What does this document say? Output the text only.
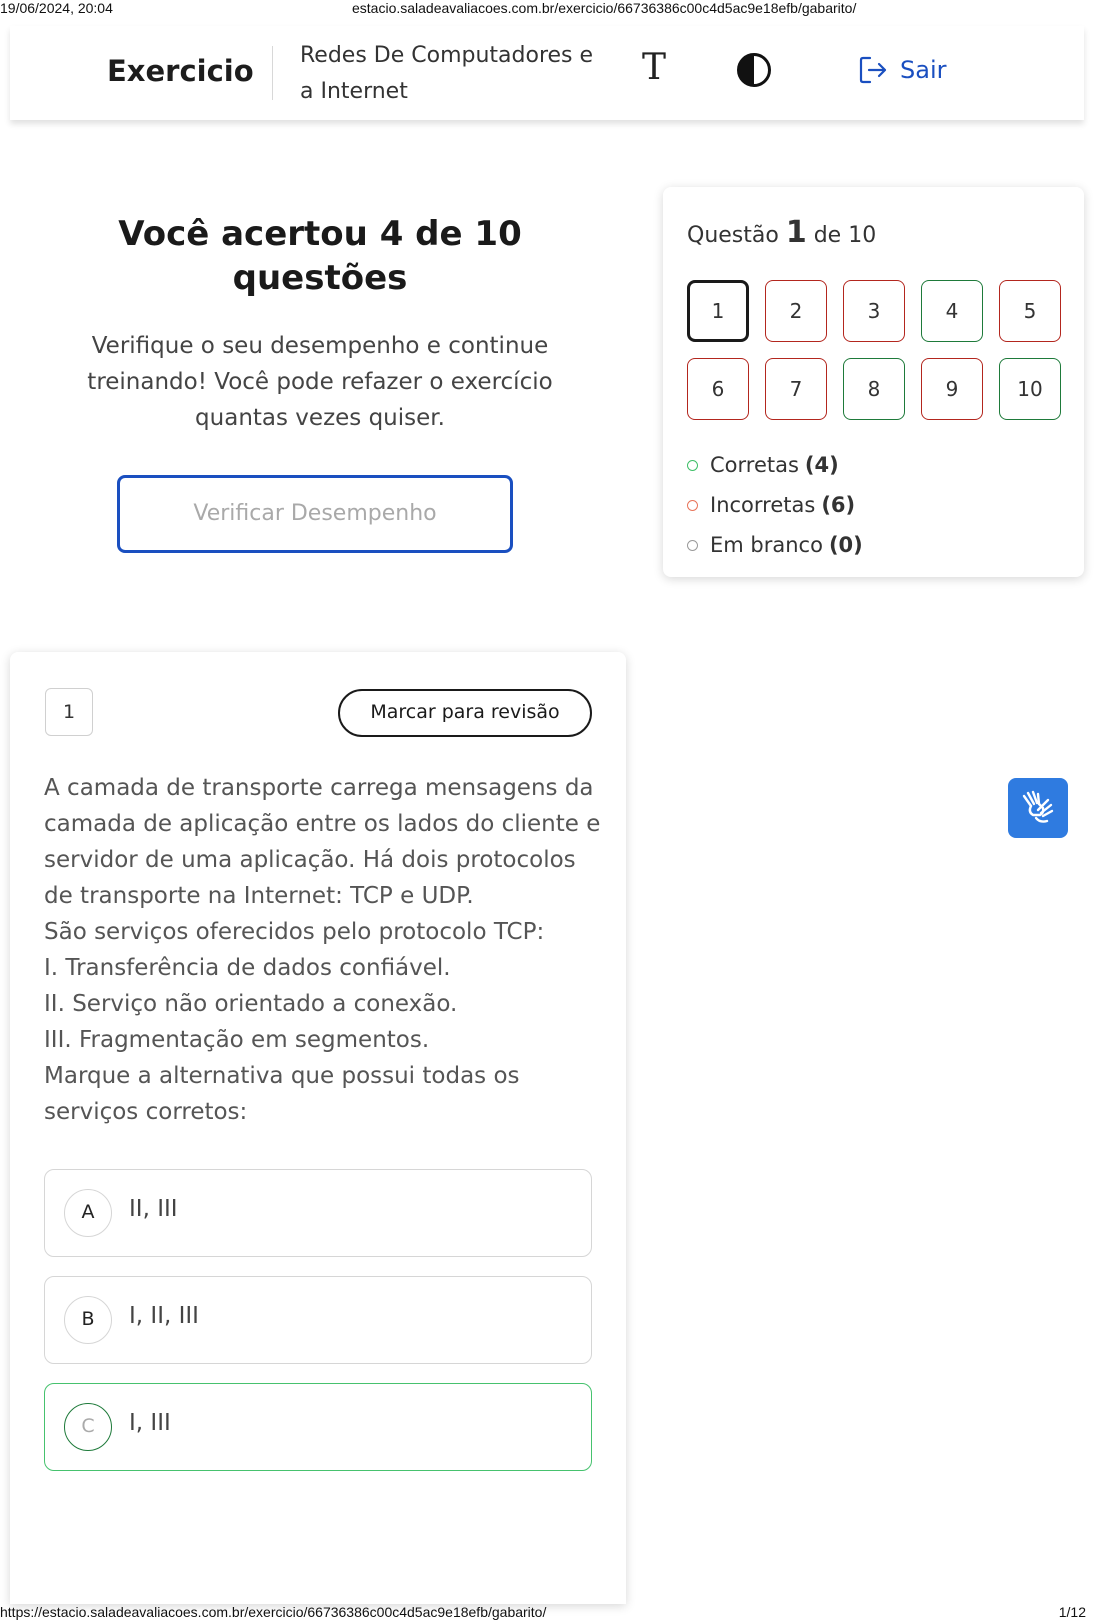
19/06/2024, 20:04	estacio.saladeavaliacoes.com.br/exercicio/66736386c00c4d5ac9e18efb/gabarito/
Exercicio Redes De Computadores e
a Internet
T	Sair
Você acertou 4 de 10
questões
Verifique o seu desempenho e continue
treinando! Você pode refazer o exercício
quantas vezes quiser.
Verificar Desempenho
Questão 1 de 10
1	2	3	4	5
6	7	8	9	10
Corretas (4)
Incorretas (6)
Em branco (0)
1	Marcar para revisão

A camada de transporte carrega mensagens da camada de aplicação entre os lados do cliente e servidor de uma aplicação. Há dois protocolos de transporte na Internet: TCP e UDP.

São serviços oferecidos pelo protocolo TCP:

I. Transferência de dados confiável.

II. Serviço não orientado a conexão.

III. Fragmentação em segmentos.

Marque a alternativa que possui todas os serviços corretos:

A	II, III
B	I, II, III
C	I, III
https://estacio.saladeavaliacoes.com.br/exercicio/66736386c00c4d5ac9e18efb/gabarito/	1/12
